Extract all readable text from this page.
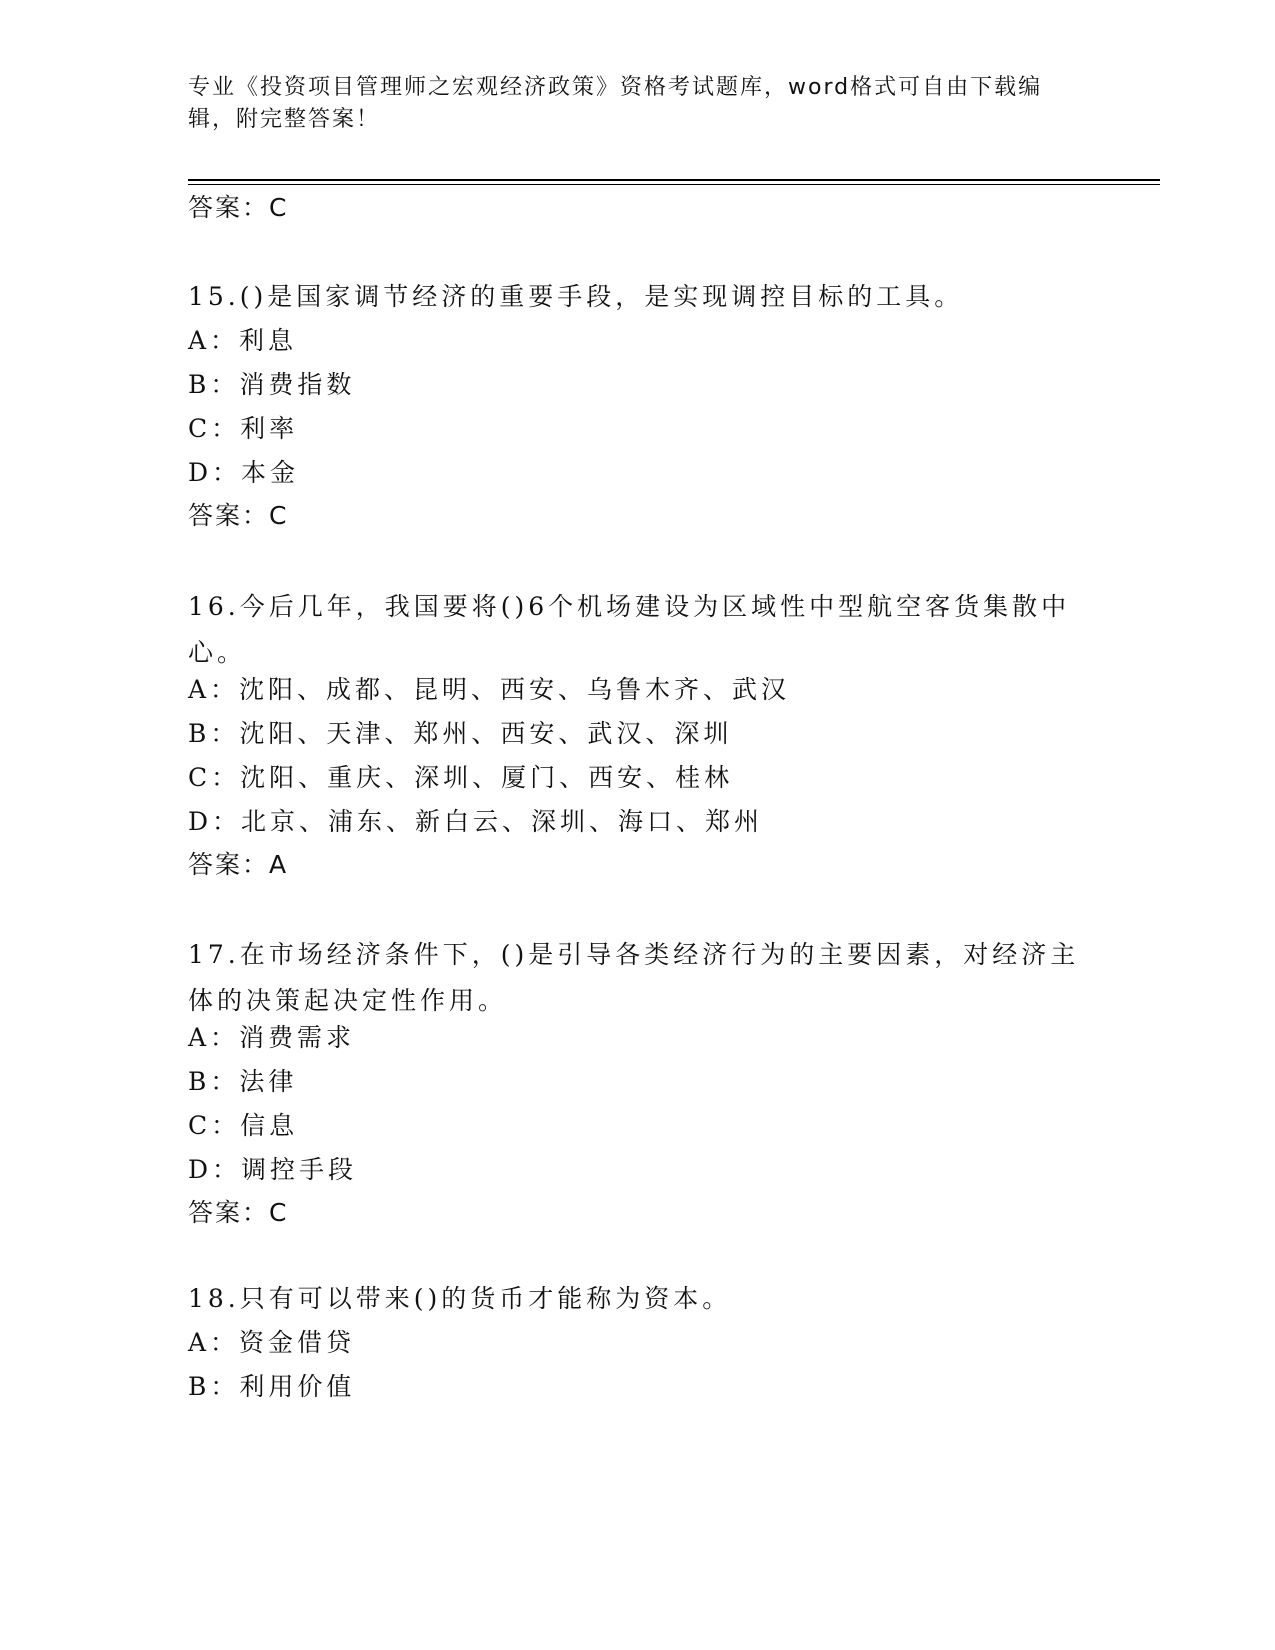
专业《投资项目管理师之宏观经济政策》资格考试题库，word格式可自由下载编辑，附完整答案！
答案：C
15.()是国家调节经济的重要手段，是实现调控目标的工具。
A：利息
B：消费指数
C：利率
D：本金
答案：C
16.今后几年，我国要将()6个机场建设为区域性中型航空客货集散中心。
A：沈阳、成都、昆明、西安、乌鲁木齐、武汉
B：沈阳、天津、郑州、西安、武汉、深圳
C：沈阳、重庆、深圳、厦门、西安、桂林
D：北京、浦东、新白云、深圳、海口、郑州
答案：A
17.在市场经济条件下，()是引导各类经济行为的主要因素，对经济主体的决策起决定性作用。
A：消费需求
B：法律
C：信息
D：调控手段
答案：C
18.只有可以带来()的货币才能称为资本。
A：资金借贷
B：利用价值
